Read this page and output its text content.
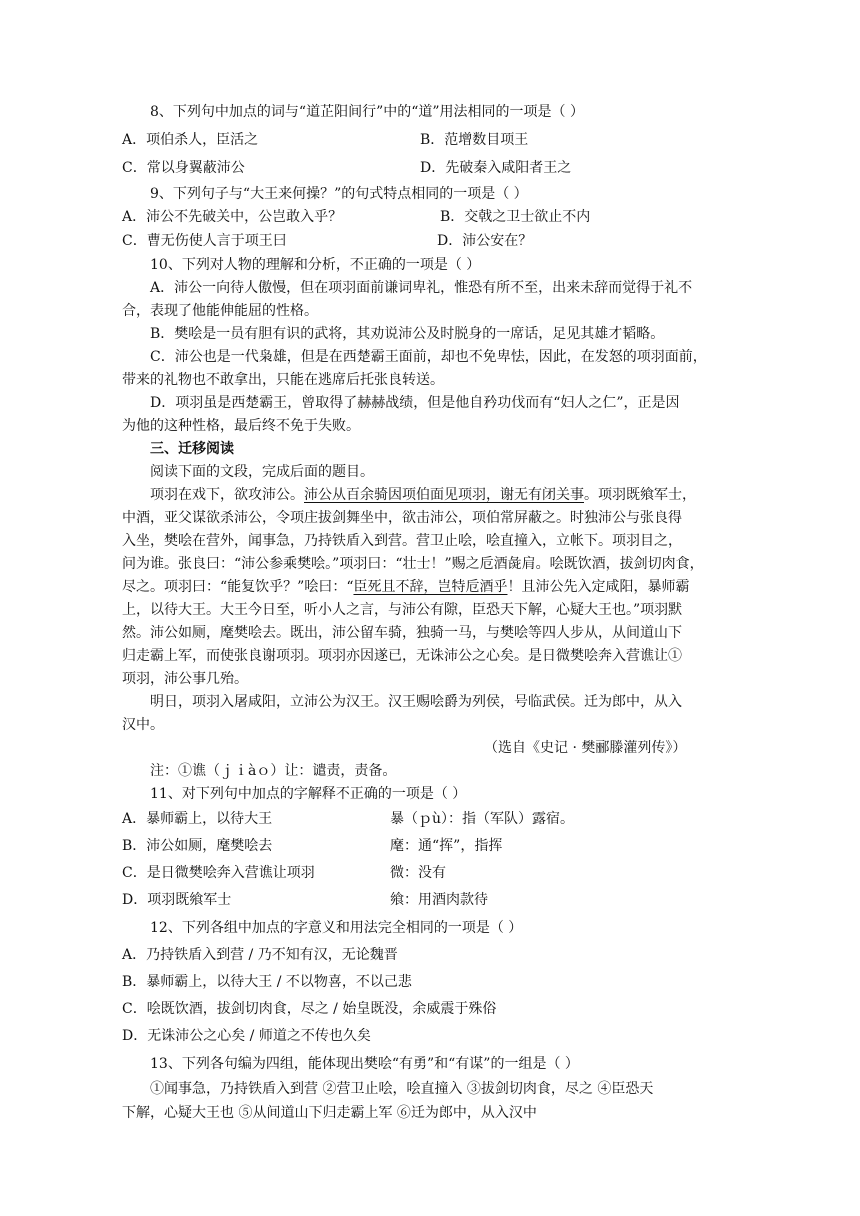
8、下列句中加点的词与“道芷阳间行”中的“道”用法相同的一项是（ ）
A．项伯杀人，臣活之	B．范增数目项王
C．常以身翼蔽沛公	D．先破秦入咸阳者王之
9、下列句子与“大王来何操？”的句式特点相同的一项是（ ）
A．沛公不先破关中，公岂敢入乎？	B．交戟之卫士欲止不内
C．曹无伤使人言于项王曰	D．沛公安在？
10、下列对人物的理解和分析，不正确的一项是（ ）
A．沛公一向待人傲慢，但在项羽面前谦词卑礼，惟恐有所不至，出来未辞而觉得于礼不
合，表现了他能伸能屈的性格。
B．樊哙是一员有胆有识的武将，其劝说沛公及时脱身的一席话，足见其雄才韬略。
C．沛公也是一代枭雄，但是在西楚霸王面前，却也不免卑怯，因此，在发怒的项羽面前，
带来的礼物也不敢拿出，只能在逃席后托张良转送。
D．项羽虽是西楚霸王，曾取得了赫赫战绩，但是他自矜功伐而有“妇人之仁”，正是因
为他的这种性格，最后终不免于失败。
三、迁移阅读
阅读下面的文段，完成后面的题目。
项羽在戏下，欲攻沛公。沛公从百余骑因项伯面见项羽，谢无有闭关事。项羽既飨军士，
中酒，亚父谋欲杀沛公，令项庄拔剑舞坐中，欲击沛公，项伯常屏蔽之。时独沛公与张良得
入坐，樊哙在营外，闻事急，乃持铁盾入到营。营卫止哙，哙直撞入，立帐下。项羽目之，
问为谁。张良曰：“沛公参乘樊哙。”项羽曰：“壮士！”赐之卮酒彘肩。哙既饮酒，拔剑切肉食，
尽之。项羽曰：“能复饮乎？”哙曰：“臣死且不辞，岂特卮酒乎！且沛公先入定咸阳，暴师霸
上，以待大王。大王今日至，听小人之言，与沛公有隙，臣恐天下解，心疑大王也。”项羽默
然。沛公如厕，麾樊哙去。既出，沛公留车骑，独骑一马，与樊哙等四人步从，从间道山下
归走霸上军，而使张良谢项羽。项羽亦因遂已，无诛沛公之心矣。是日微樊哙奔入营谯让①
项羽，沛公事几殆。
明日，项羽入屠咸阳，立沛公为汉王。汉王赐哙爵为列侯，号临武侯。迁为郎中，从入
汉中。
（选自《史记 · 樊郦滕灌列传》）
注：①谯（ｊｉàｏ）让：谴责，责备。
11、对下列句中加点的字解释不正确的一项是（ ）
A．暴师霸上，以待大王	暴（ｐù）：指（军队）露宿。
B．沛公如厕，麾樊哙去	麾：通“挥”，指挥
C．是日微樊哙奔入营谯让项羽	微：没有
D．项羽既飨军士	飨：用酒肉款待
12、下列各组中加点的字意义和用法完全相同的一项是（ ）
A．乃持铁盾入到营 / 乃不知有汉，无论魏晋
B．暴师霸上，以待大王 / 不以物喜，不以己悲
C．哙既饮酒，拔剑切肉食，尽之 / 始皇既没，余威震于殊俗
D．无诛沛公之心矣 / 师道之不传也久矣
13、下列各句编为四组，能体现出樊哙“有勇”和“有谋”的一组是（ ）
①闻事急，乃持铁盾入到营 ②营卫止哙，哙直撞入 ③拔剑切肉食，尽之 ④臣恐天
下解，心疑大王也 ⑤从间道山下归走霸上军 ⑥迁为郎中，从入汉中
